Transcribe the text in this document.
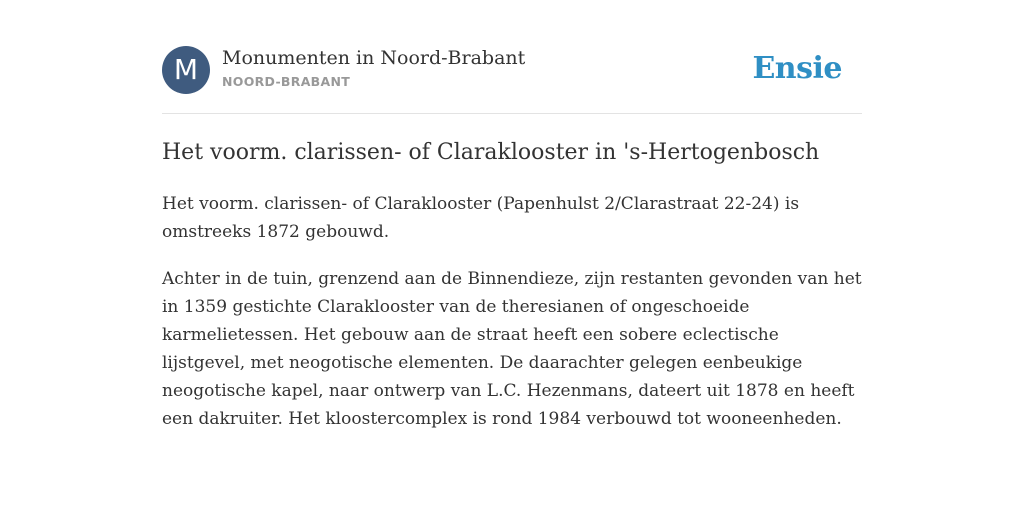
M	Monumenten in Noord-Brabant
NOORD-BRABANT	Ensie
Het voorm. clarissen- of Claraklooster in 's-Hertogenbosch

Het voorm. clarissen- of Claraklooster (Papenhulst 2/Clarastraat 22-24) is omstreeks 1872 gebouwd.

Achter in de tuin, grenzend aan de Binnendieze, zijn restanten gevonden van het in 1359 gestichte Claraklooster van de theresianen of ongeschoeide karmelietessen. Het gebouw aan de straat heeft een sobere eclectische lijstgevel, met neogotische elementen. De daarachter gelegen eenbeukige neogotische kapel, naar ontwerp van L.C. Hezenmans, dateert uit 1878 en heeft een dakruiter. Het kloostercomplex is rond 1984 verbouwd tot wooneenheden.
